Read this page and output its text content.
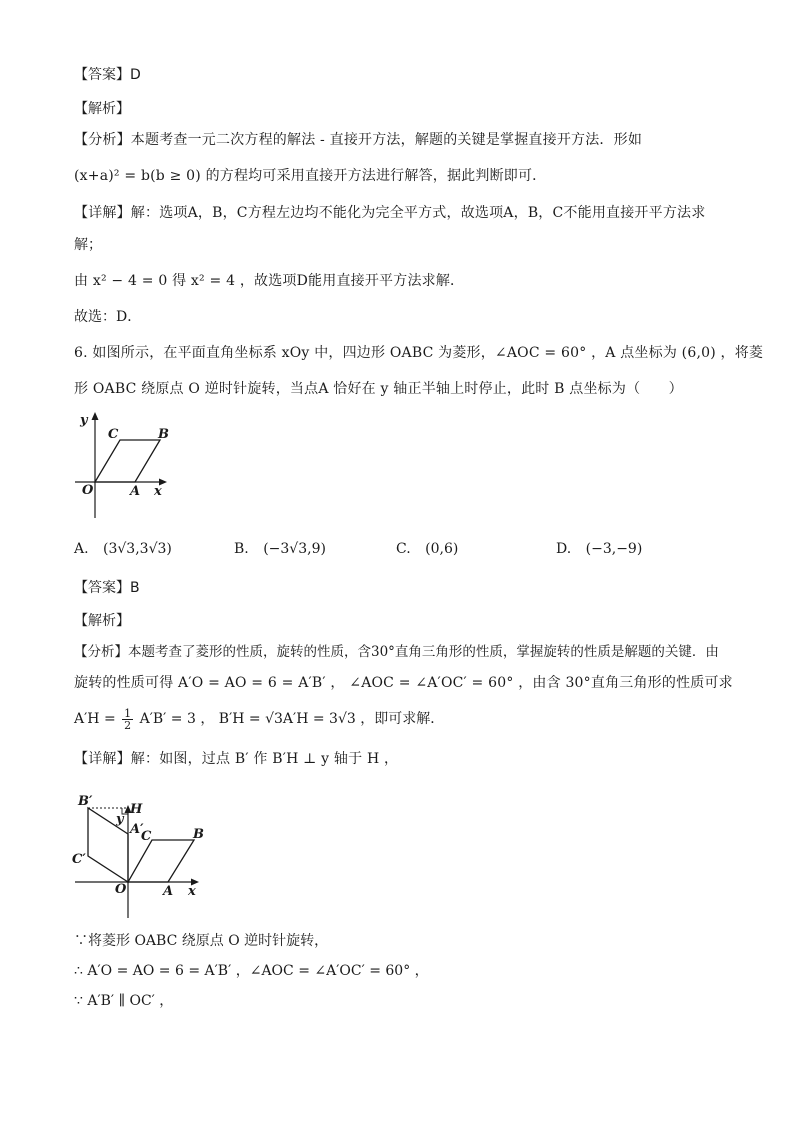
【答案】D
【解析】
【分析】本题考查一元二次方程的解法 - 直接开方法，解题的关键是掌握直接开方法．形如
(x+a)² = b(b ≥ 0) 的方程均可采用直接开方法进行解答，据此判断即可．
【详解】解：选项A，B，C方程左边均不能化为完全平方式，故选项A，B，C不能用直接开平方法求
解；
由 x² − 4 = 0 得 x² = 4 ，故选项D能用直接开平方法求解．
故选：D．
6. 如图所示，在平面直角坐标系 xOy 中，四边形 OABC 为菱形，∠AOC = 60° ，A 点坐标为 (6,0) ，将菱
形 OABC 绕原点 O 逆时针旋转，当点A 恰好在 y 轴正半轴上时停止，此时 B 点坐标为（　　）
y
C	B
O	A x
A. (3√3,3√3)	B. (−3√3,9)	C. (0,6)	D. (−3,−9)
【答案】B
【解析】
【分析】本题考查了菱形的性质，旋转的性质，含30°直角三角形的性质，掌握旋转的性质是解题的关键．由
旋转的性质可得 A′O = AO = 6 = A′B′ ， ∠AOC = ∠A′OC′ = 60° ，由含 30°直角三角形的性质可求
$A'H = \frac{1}{2} A'B' = 3$ ， B′H = √3A′H = 3√3 ，即可求解．
【详解】解：如图，过点 B′ 作 B′H ⊥ y 轴于 H ，
B′
H
y
A′
C	B
C′
O	A x
∵将菱形 OABC 绕原点 O 逆时针旋转，
∴ A′O = AO = 6 = A′B′ ，∠AOC = ∠A′OC′ = 60° ，
∵ A′B′ ∥ OC′ ，
